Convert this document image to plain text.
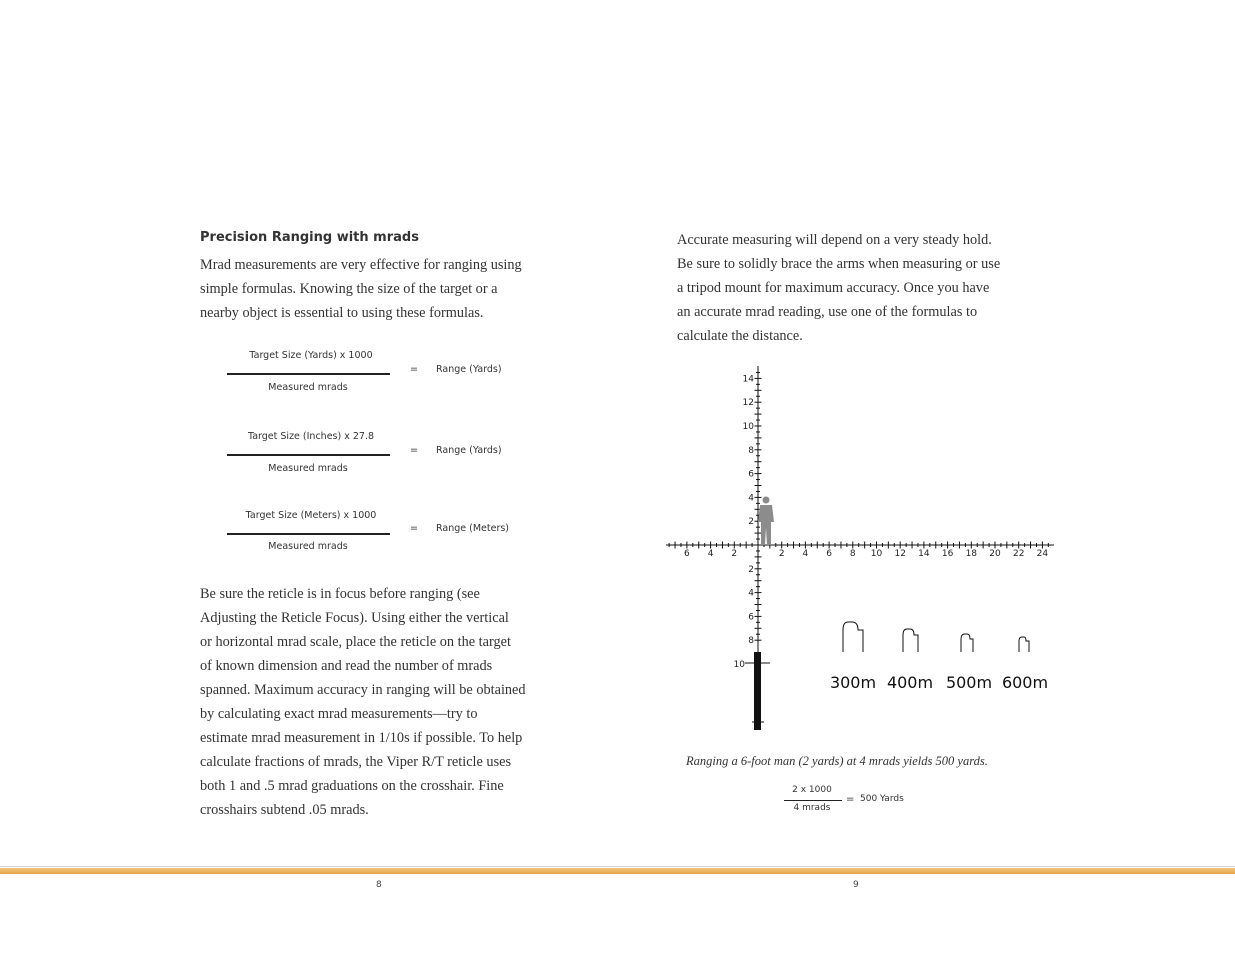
Precision Ranging with mrads

Mrad measurements are very effective for ranging using

simple formulas. Knowing the size of the target or a

nearby object is essential to using these formulas.

Target Size (Yards) x 1000
Measured mrads
= Range (Yards)
Target Size (Inches) x 27.8
Measured mrads
= Range (Yards)
Target Size (Meters) x 1000
Measured mrads
= Range (Meters)

Be sure the reticle is in focus before ranging (see

Adjusting the Reticle Focus). Using either the vertical

or horizontal mrad scale, place the reticle on the target

of known dimension and read the number of mrads

spanned. Maximum accuracy in ranging will be obtained

by calculating exact mrad measurements—try to

estimate mrad measurement in 1/10s if possible. To help

calculate fractions of mrads, the Viper R/T reticle uses

both 1 and .5 mrad graduations on the crosshair. Fine

crosshairs subtend .05 mrads.

Accurate measuring will depend on a very steady hold.

Be sure to solidly brace the arms when measuring or use

a tripod mount for maximum accuracy. Once you have

an accurate mrad reading, use one of the formulas to

calculate the distance.

2
4
6
8
10
12
14
2
4
6
8
10
2
4
6	2 4 6 8 10 12 14 16 18 20 22 24
300m 400m 500m 600m
Ranging a 6-foot man (2 yards) at 4 mrads yields 500 yards.
2 x 1000
4 mrads
= 500 Yards
8	9
